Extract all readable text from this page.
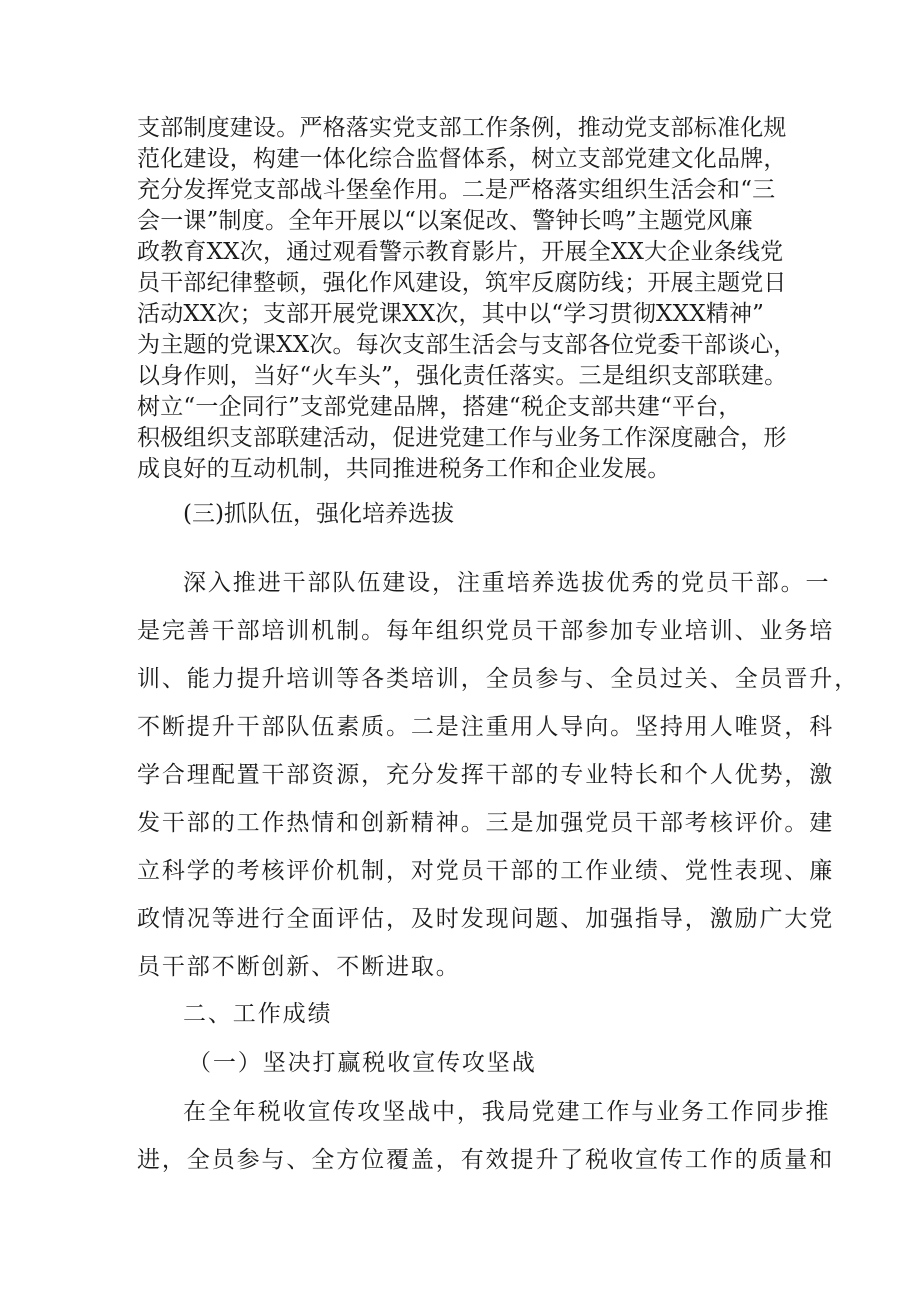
支部制度建设。严格落实党支部工作条例，推动党支部标准化规
范化建设，构建一体化综合监督体系，树立支部党建文化品牌，
充分发挥党支部战斗堡垒作用。二是严格落实组织生活会和“三
会一课”制度。全年开展以“以案促改、警钟长鸣”主题党风廉
政教育XX次，通过观看警示教育影片，开展全XX大企业条线党
员干部纪律整顿，强化作风建设，筑牢反腐防线；开展主题党日
活动XX次；支部开展党课XX次，其中以“学习贯彻XXX精神”
为主题的党课XX次。每次支部生活会与支部各位党委干部谈心，
以身作则，当好“火车头”，强化责任落实。三是组织支部联建。
树立“一企同行”支部党建品牌，搭建“税企支部共建“平台，
积极组织支部联建活动，促进党建工作与业务工作深度融合，形
成良好的互动机制，共同推进税务工作和企业发展。
(三)抓队伍，强化培养选拔
深入推进干部队伍建设，注重培养选拔优秀的党员干部。一
是完善干部培训机制。每年组织党员干部参加专业培训、业务培
训、能力提升培训等各类培训，全员参与、全员过关、全员晋升，
不断提升干部队伍素质。二是注重用人导向。坚持用人唯贤，科
学合理配置干部资源，充分发挥干部的专业特长和个人优势，激
发干部的工作热情和创新精神。三是加强党员干部考核评价。建
立科学的考核评价机制，对党员干部的工作业绩、党性表现、廉
政情况等进行全面评估，及时发现问题、加强指导，激励广大党
员干部不断创新、不断进取。
二、工作成绩
（一）坚决打赢税收宣传攻坚战
在全年税收宣传攻坚战中，我局党建工作与业务工作同步推
进，全员参与、全方位覆盖，有效提升了税收宣传工作的质量和
